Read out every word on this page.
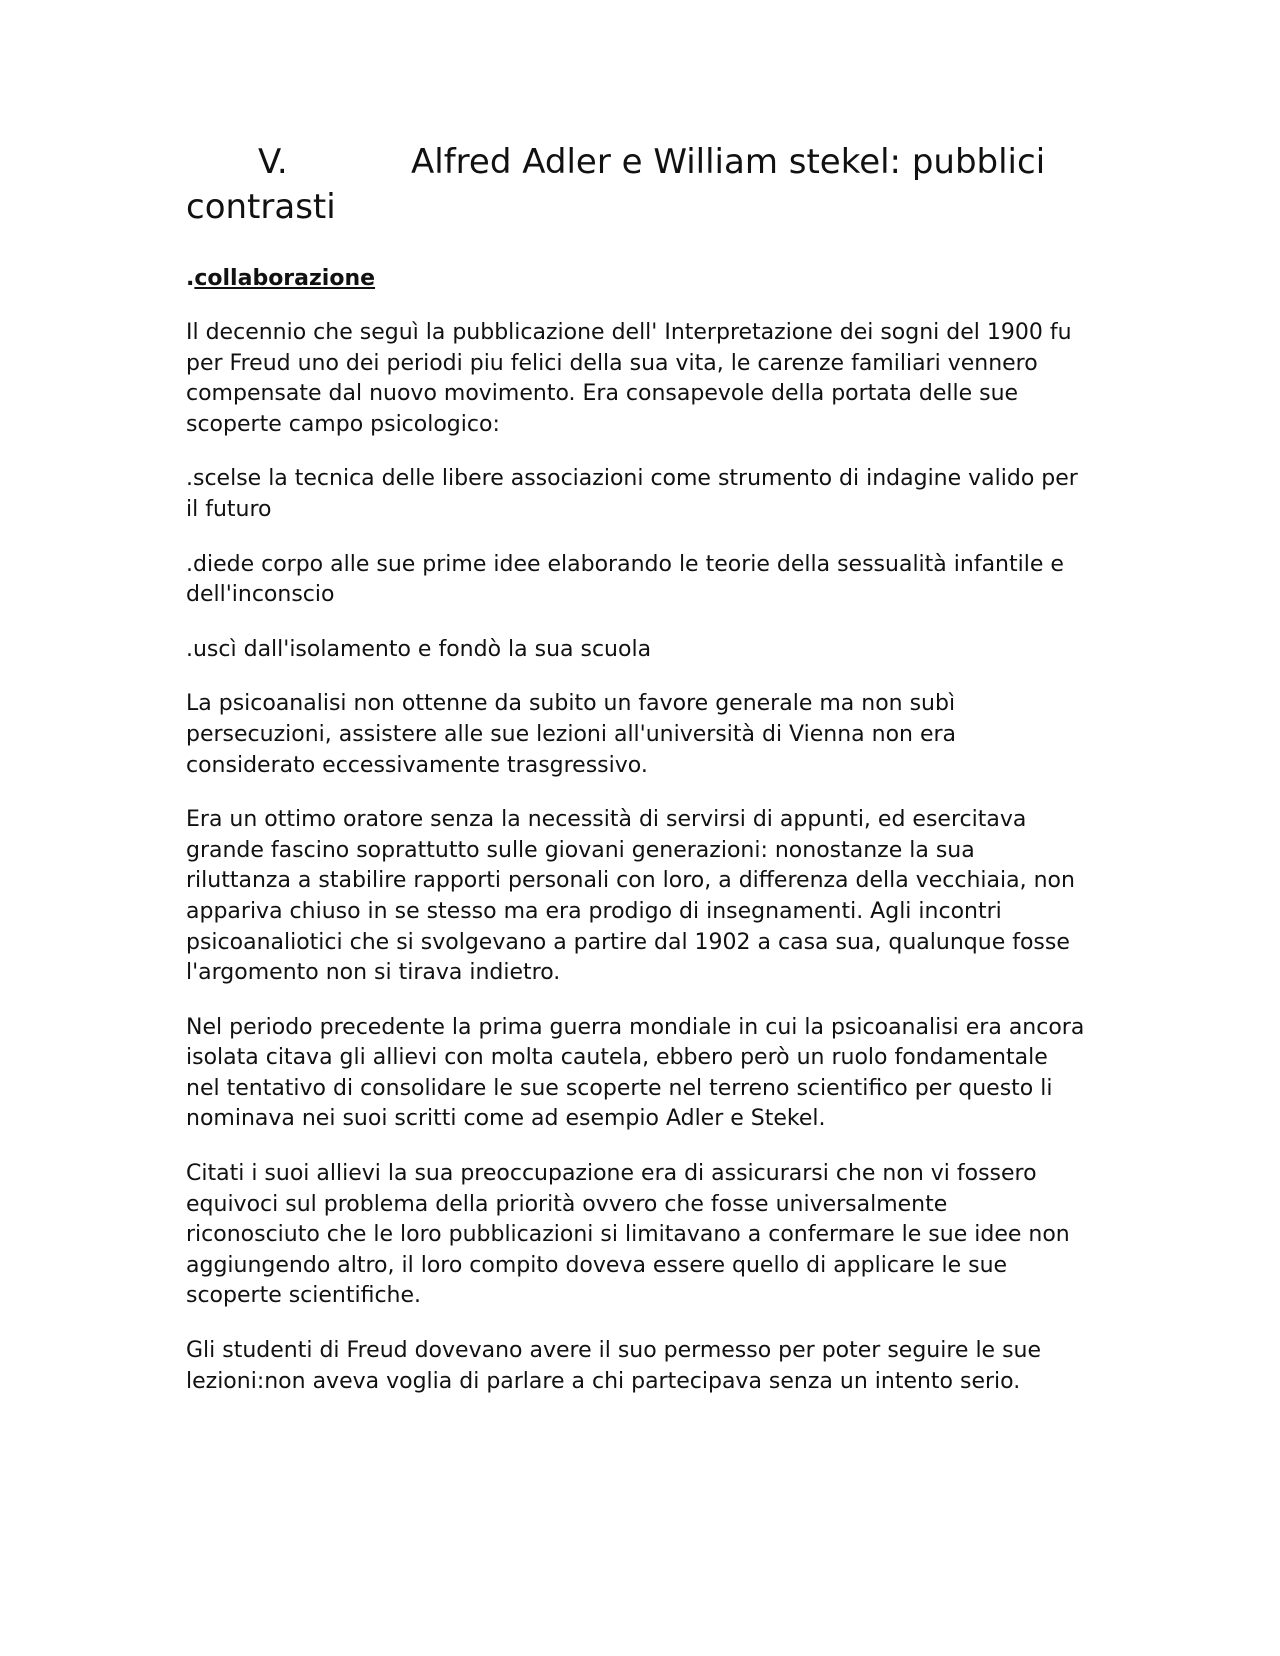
V.	Alfred Adler e William stekel: pubblici contrasti
.collaborazione

Il decennio che seguì la pubblicazione dell' Interpretazione dei sogni del 1900 fu per Freud uno dei periodi piu felici della sua vita, le carenze familiari vennero compensate dal nuovo movimento. Era consapevole della portata delle sue scoperte campo psicologico:

.scelse la tecnica delle libere associazioni come strumento di indagine valido per il futuro

.diede corpo alle sue prime idee elaborando le teorie della sessualità infantile e dell'inconscio

.uscì dall'isolamento e fondò la sua scuola

La psicoanalisi non ottenne da subito un favore generale ma non subì persecuzioni, assistere alle sue lezioni all'università di Vienna non era considerato eccessivamente trasgressivo.

Era un ottimo oratore senza la necessità di servirsi di appunti, ed esercitava grande fascino soprattutto sulle giovani generazioni: nonostanze la sua riluttanza a stabilire rapporti personali con loro, a differenza della vecchiaia, non appariva chiuso in se stesso ma era prodigo di insegnamenti. Agli incontri psicoanaliotici che si svolgevano a partire dal 1902 a casa sua, qualunque fosse l'argomento non si tirava indietro.

Nel periodo precedente la prima guerra mondiale in cui la psicoanalisi era ancora isolata citava gli allievi con molta cautela, ebbero però un ruolo fondamentale nel tentativo di consolidare le sue scoperte nel terreno scientifico per questo li nominava nei suoi scritti come ad esempio Adler e Stekel.

Citati i suoi allievi la sua preoccupazione era di assicurarsi che non vi fossero equivoci sul problema della priorità ovvero che fosse universalmente riconosciuto che le loro pubblicazioni si limitavano a confermare le sue idee non aggiungendo altro, il loro compito doveva essere quello di applicare le sue scoperte scientifiche.

Gli studenti di Freud dovevano avere il suo permesso per poter seguire le sue lezioni:non aveva voglia di parlare a chi partecipava senza un intento serio.
